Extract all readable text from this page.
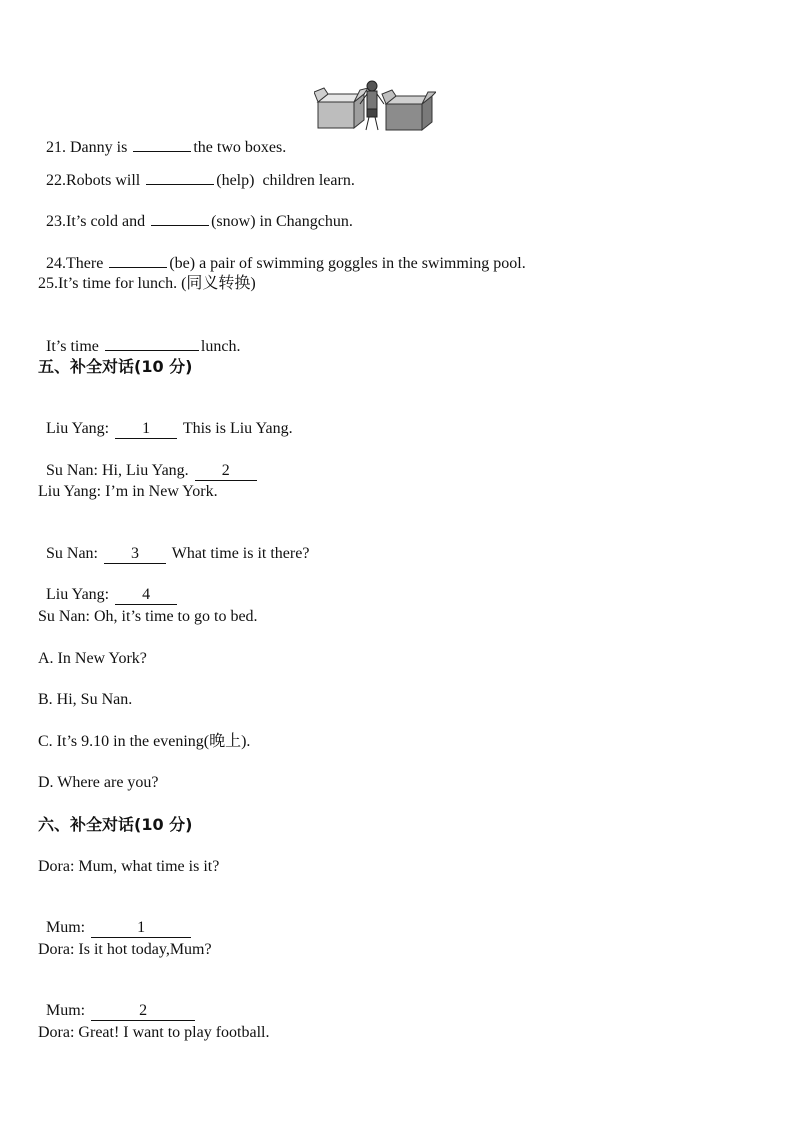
21. Danny is	the two boxes.

22.Robots will	(help)  children learn.

23.It’s cold and	(snow) in Changchun.

24.There	(be) a pair of swimming goggles in the swimming pool.

25.It’s time for lunch. (同义转换)

It’s time	lunch.

五、补全对话(10 分)

Liu Yang: 1 This is Liu Yang.

Su Nan: Hi, Liu Yang. 2

Liu Yang: I’m in New York.

Su Nan: 3 What time is it there?

Liu Yang: 4

Su Nan: Oh, it’s time to go to bed.
A. In New York?
B. Hi, Su Nan.
C. It’s 9.10 in the evening(晚上).
D. Where are you?
六、补全对话(10 分)
Dora: Mum, what time is it?

Mum:	1

Dora: Is it hot today,Mum?

Mum:	2

Dora: Great! I want to play football.
